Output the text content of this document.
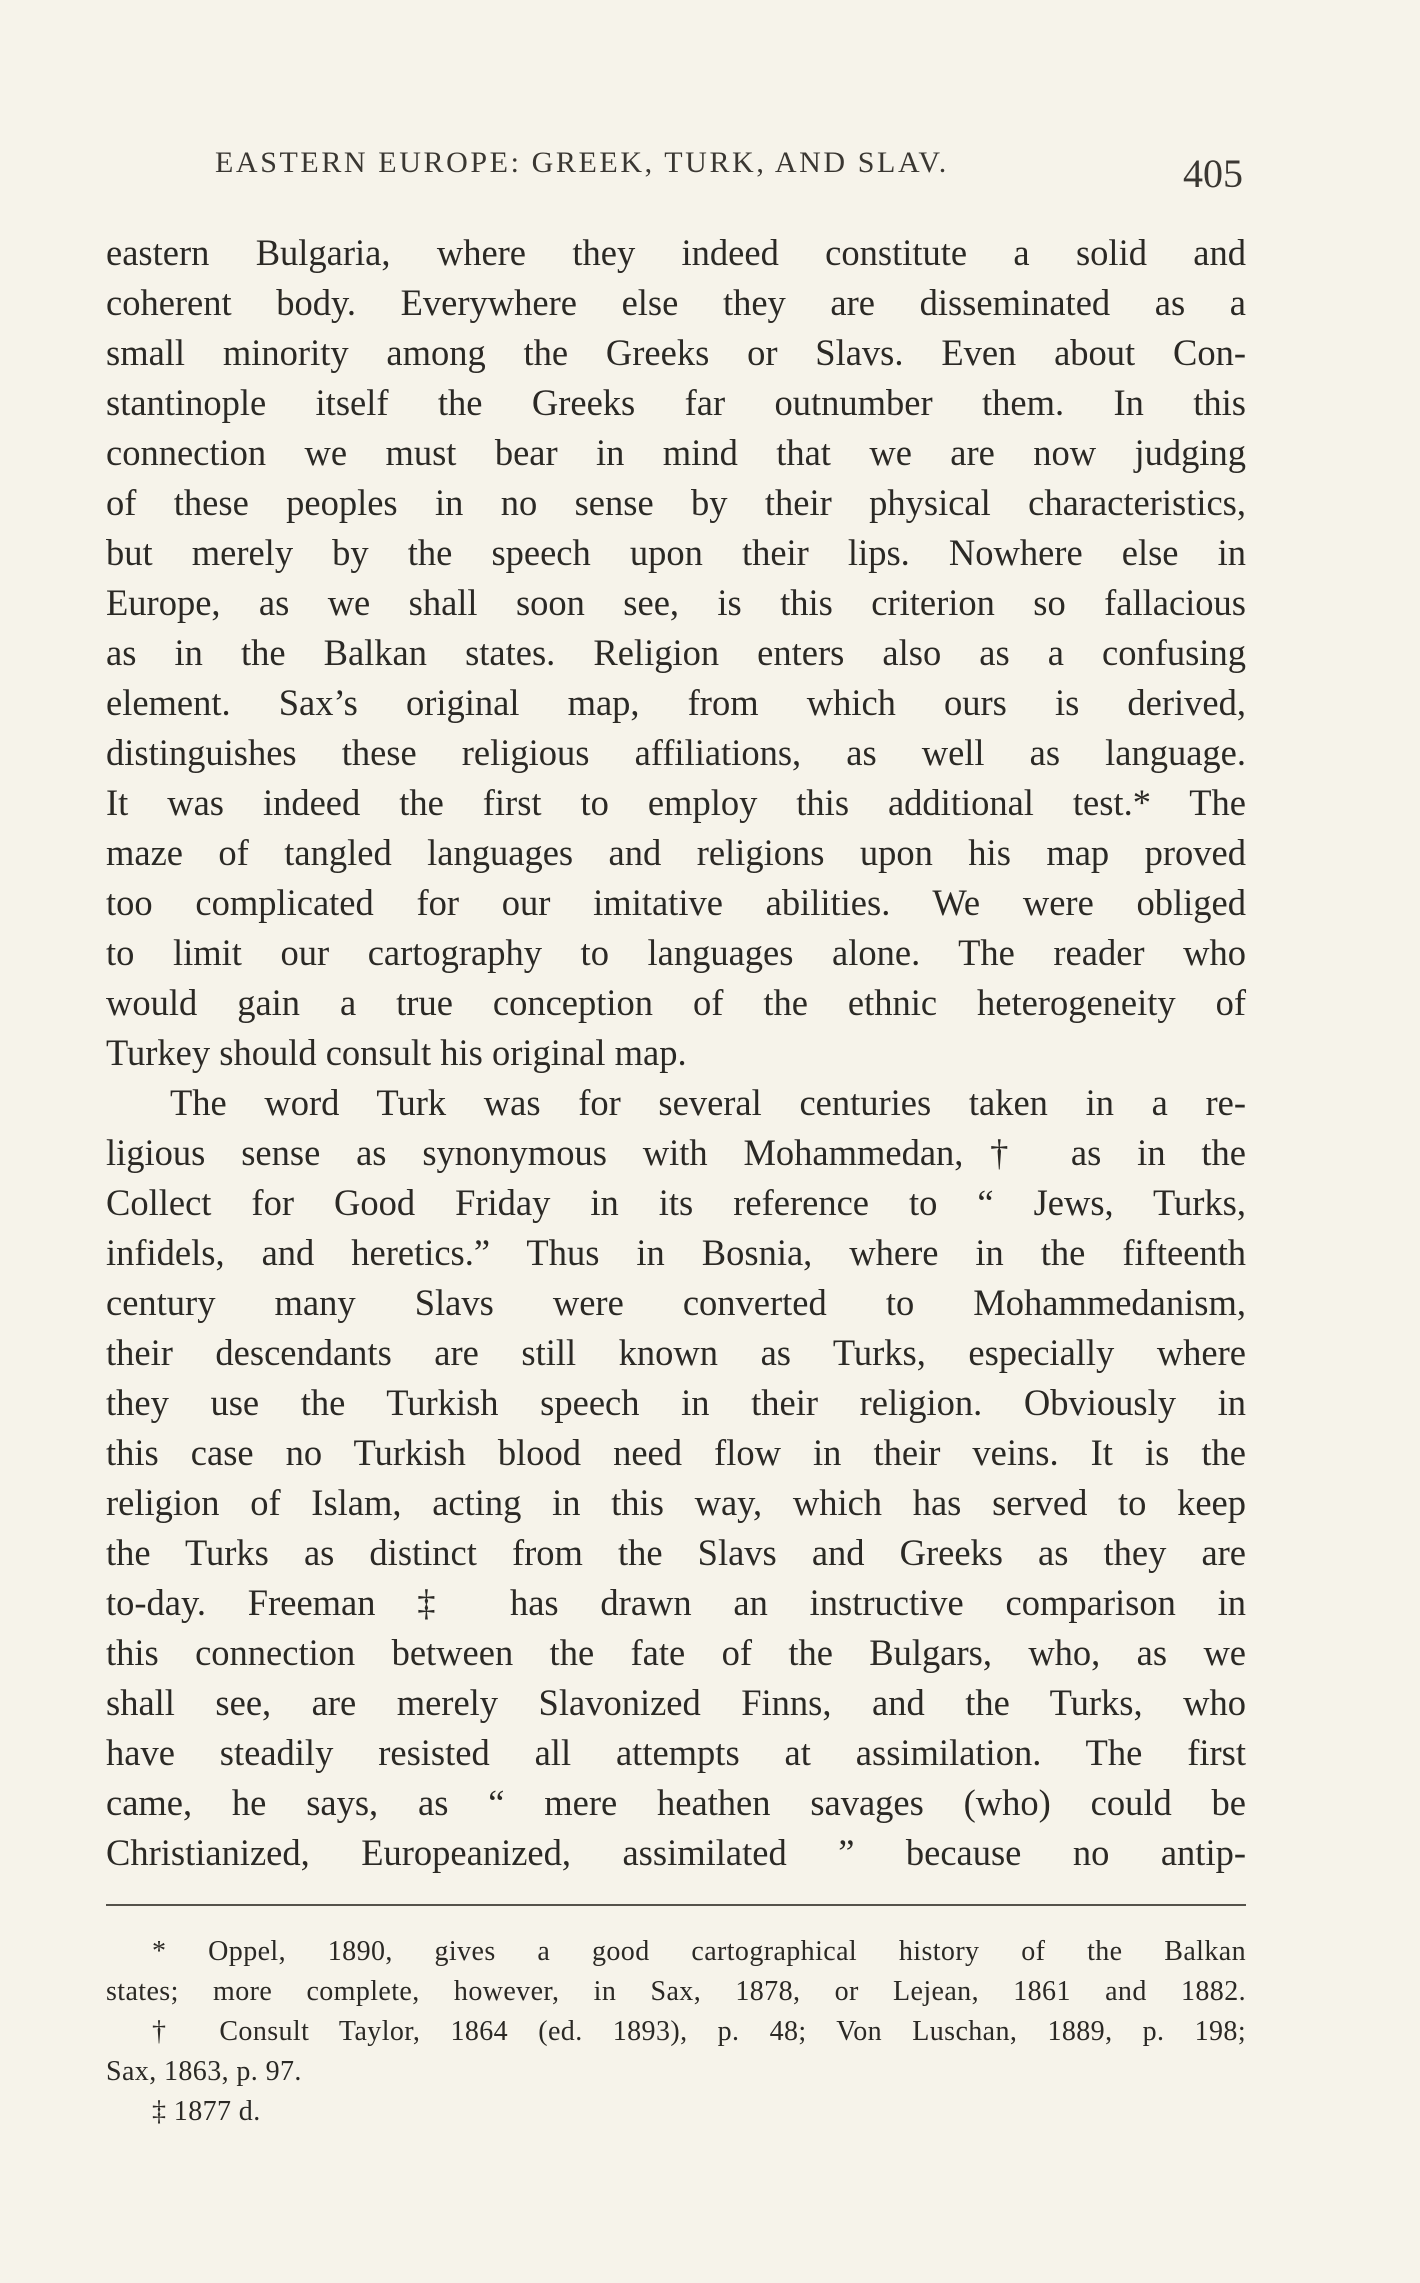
EASTERN EUROPE: GREEK, TURK, AND SLAV.	405
eastern Bulgaria, where they indeed constitute a solid and
coherent body. Everywhere else they are disseminated as a
small minority among the Greeks or Slavs. Even about Con-
stantinople itself the Greeks far outnumber them. In this
connection we must bear in mind that we are now judging
of these peoples in no sense by their physical characteristics,
but merely by the speech upon their lips. Nowhere else in
Europe, as we shall soon see, is this criterion so fallacious
as in the Balkan states. Religion enters also as a confusing
element. Sax’s original map, from which ours is derived,
distinguishes these religious affiliations, as well as language.
It was indeed the first to employ this additional test.* The
maze of tangled languages and religions upon his map proved
too complicated for our imitative abilities. We were obliged
to limit our cartography to languages alone. The reader who
would gain a true conception of the ethnic heterogeneity of
Turkey should consult his original map.
The word Turk was for several centuries taken in a re-
ligious sense as synonymous with Mohammedan,† as in the
Collect for Good Friday in its reference to “ Jews, Turks,
infidels, and heretics.” Thus in Bosnia, where in the fifteenth
century many Slavs were converted to Mohammedanism,
their descendants are still known as Turks, especially where
they use the Turkish speech in their religion. Obviously in
this case no Turkish blood need flow in their veins. It is the
religion of Islam, acting in this way, which has served to keep
the Turks as distinct from the Slavs and Greeks as they are
to-day. Freeman ‡ has drawn an instructive comparison in
this connection between the fate of the Bulgars, who, as we
shall see, are merely Slavonized Finns, and the Turks, who
have steadily resisted all attempts at assimilation. The first
came, he says, as “ mere heathen savages (who) could be
Christianized, Europeanized, assimilated ” because no antip-
* Oppel, 1890, gives a good cartographical history of the Balkan
states; more complete, however, in Sax, 1878, or Lejean, 1861 and 1882.
† Consult Taylor, 1864 (ed. 1893), p. 48; Von Luschan, 1889, p. 198;
Sax, 1863, p. 97.
‡ 1877 d.
